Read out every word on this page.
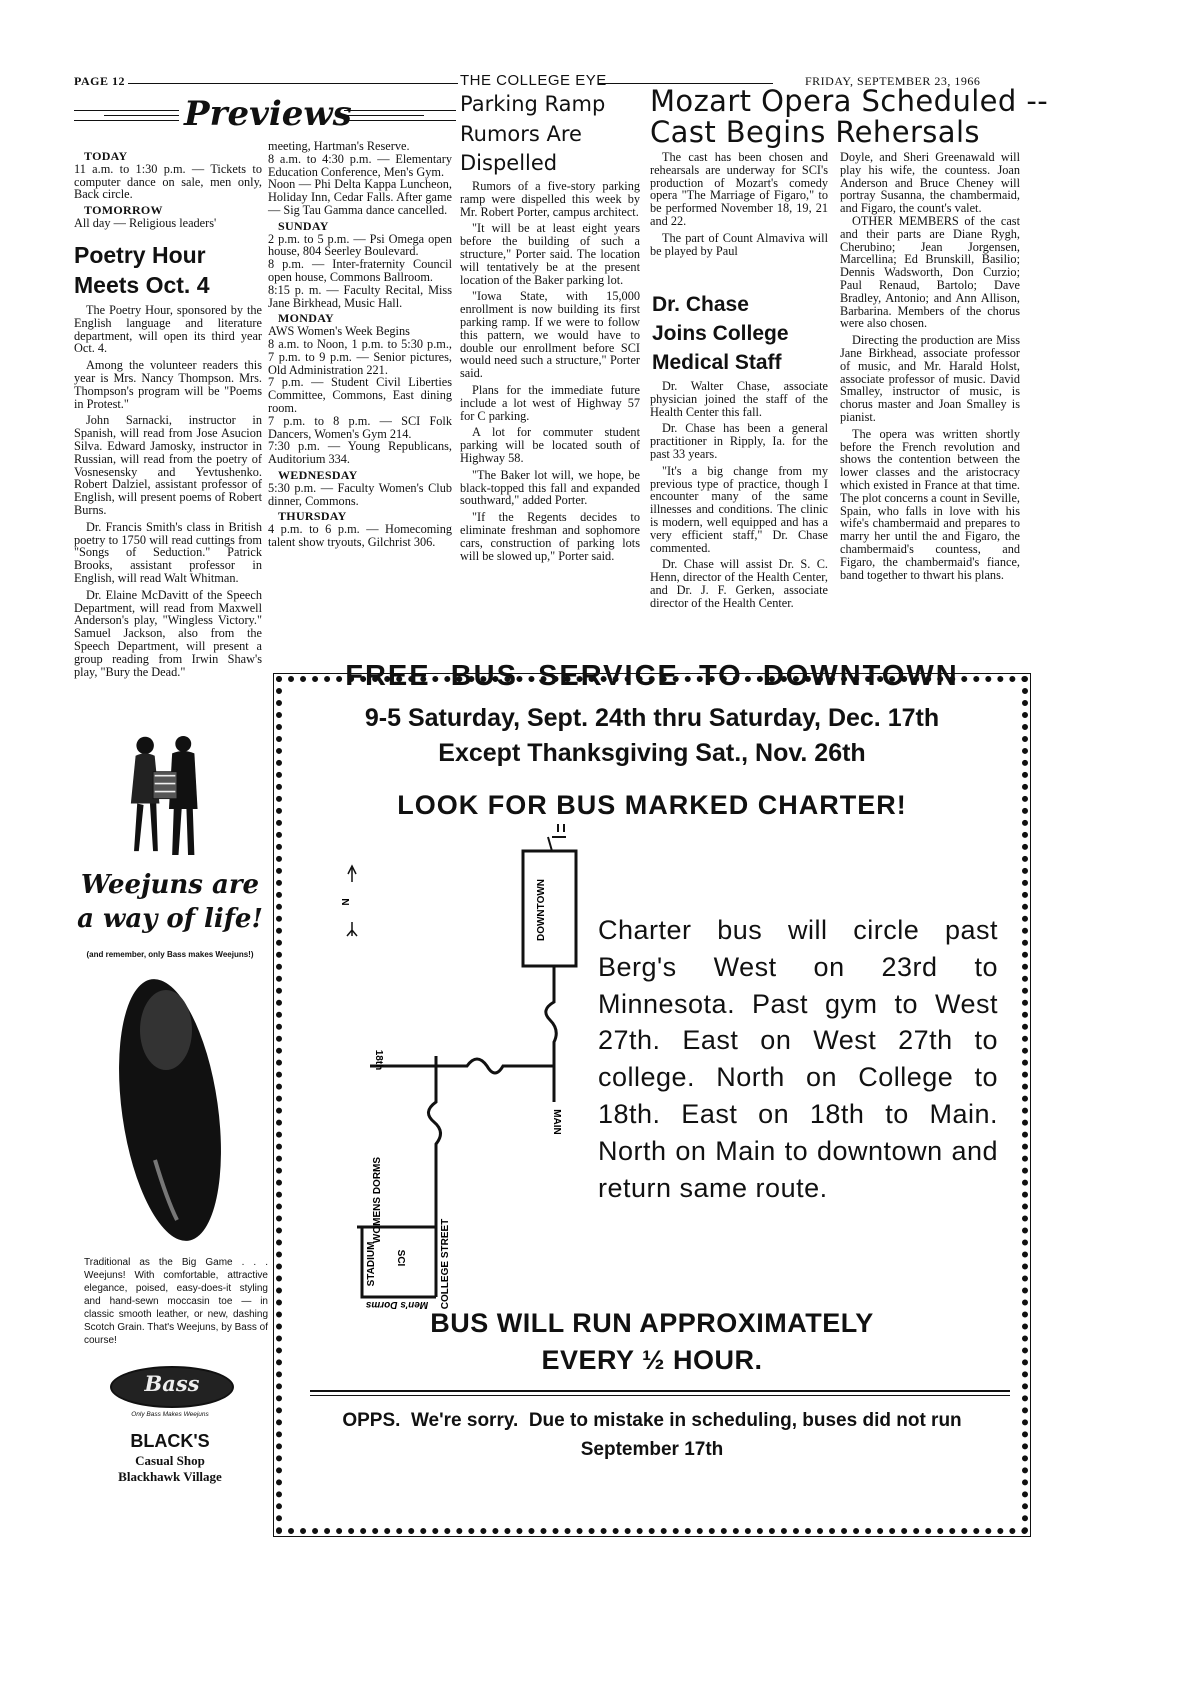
PAGE 12	THE COLLEGE EYE	FRIDAY, SEPTEMBER 23, 1966
Previews

TODAY

11 a.m. to 1:30 p.m. — Tickets to computer dance on sale, men only, Back circle.

TOMORROW

All day — Religious leaders'

Poetry Hour
Meets Oct. 4

The Poetry Hour, sponsored by the English language and literature department, will open its third year Oct. 4.

Among the volunteer readers this year is Mrs. Nancy Thompson. Mrs. Thompson's program will be "Poems in Protest."

John Sarnacki, instructor in Spanish, will read from Jose Asucion Silva. Edward Jamosky, instructor in Russian, will read from the poetry of Vosnesensky and Yevtushenko. Robert Dalziel, assistant professor of English, will present poems of Robert Burns.

Dr. Francis Smith's class in British poetry to 1750 will read cuttings from "Songs of Seduction." Patrick Brooks, assistant professor in English, will read Walt Whitman.

Dr. Elaine McDavitt of the Speech Department, will read from Maxwell Anderson's play, "Wingless Victory." Samuel Jackson, also from the Speech Department, will present a group reading from Irwin Shaw's play, "Bury the Dead."

meeting, Hartman's Reserve.

8 a.m. to 4:30 p.m. — Elementary Education Conference, Men's Gym.

Noon — Phi Delta Kappa Luncheon, Holiday Inn, Cedar Falls. After game — Sig Tau Gamma dance cancelled.

SUNDAY

2 p.m. to 5 p.m. — Psi Omega open house, 804 Seerley Boulevard.

8 p.m. — Inter-fraternity Council open house, Commons Ballroom.

8:15 p. m. — Faculty Recital, Miss Jane Birkhead, Music Hall.

MONDAY

AWS Women's Week Begins

8 a.m. to Noon, 1 p.m. to 5:30 p.m., 7 p.m. to 9 p.m. — Senior pictures, Old Administration 221.

7 p.m. — Student Civil Liberties Committee, Commons, East dining room.

7 p.m. to 8 p.m. — SCI Folk Dancers, Women's Gym 214.

7:30 p.m. — Young Republicans, Auditorium 334.

WEDNESDAY

5:30 p.m. — Faculty Women's Club dinner, Commons.

THURSDAY

4 p.m. to 6 p.m. — Homecoming talent show tryouts, Gilchrist 306.

Parking Ramp
Rumors Are
Dispelled

Rumors of a five-story parking ramp were dispelled this week by Mr. Robert Porter, campus architect.

"It will be at least eight years before the building of such a structure," Porter said. The location will tentatively be at the present location of the Baker parking lot.

"Iowa State, with 15,000 enrollment is now building its first parking ramp. If we were to follow this pattern, we would have to double our enrollment before SCI would need such a structure," Porter said.

Plans for the immediate future include a lot west of Highway 57 for C parking.

A lot for commuter student parking will be located south of Highway 58.

"The Baker lot will, we hope, be black-topped this fall and expanded southward," added Porter.

"If the Regents decides to eliminate freshman and sophomore cars, construction of parking lots will be slowed up," Porter said.

Mozart Opera Scheduled --
Cast Begins Rehersals

The cast has been chosen and rehearsals are underway for SCI's production of Mozart's comedy opera "The Marriage of Figaro," to be performed November 18, 19, 21 and 22.

The part of Count Almaviva will be played by Paul

Dr. Chase
Joins College
Medical Staff

Dr. Walter Chase, associate physician joined the staff of the Health Center this fall.

Dr. Chase has been a general practitioner in Ripply, Ia. for the past 33 years.

"It's a big change from my previous type of practice, though I encounter many of the same illnesses and conditions. The clinic is modern, well equipped and has a very efficient staff," Dr. Chase commented.

Dr. Chase will assist Dr. S. C. Henn, director of the Health Center, and Dr. J. F. Gerken, associate director of the Health Center.

Doyle, and Sheri Greenawald will play his wife, the countess. Joan Anderson and Bruce Cheney will portray Susanna, the chambermaid, and Figaro, the count's valet.

OTHER MEMBERS of the cast and their parts are Diane Rygh, Cherubino; Jean Jorgensen, Marcellina; Ed Brunskill, Basilio; Dennis Wadsworth, Don Curzio; Paul Renaud, Bartolo; Dave Bradley, Antonio; and Ann Allison, Barbarina. Members of the chorus were also chosen.

Directing the production are Miss Jane Birkhead, associate professor of music, and Mr. Harald Holst, associate professor of music. David Smalley, instructor of music, is chorus master and Joan Smalley is pianist.

The opera was written shortly before the French revolution and shows the contention between the lower classes and the aristocracy which existed in France at that time. The plot concerns a count in Seville, Spain, who falls in love with his wife's chambermaid and prepares to marry her until the and Figaro, the chambermaid's countess, and Figaro, the chambermaid's fiance, band together to thwart his plans.

FREE  BUS  SERVICE  TO  DOWNTOWN
9-5 Saturday, Sept. 24th thru Saturday, Dec. 17th
Except Thanksgiving Sat., Nov. 26th
LOOK FOR BUS MARKED CHARTER!
N	DOWNTOWN
MAIN
18th
WOMENS DORMS
STADIUM SCI	COLLEGE STREET
Men's Dorms
Charter bus will circle past Berg's West on 23rd to Minnesota. Past gym to West 27th. East on West 27th to college. North on College to 18th. East on 18th to Main. North on Main to downtown and return same route.
BUS WILL RUN APPROXIMATELY
EVERY ½ HOUR.
OPPS.  We're sorry.  Due to mistake in scheduling, buses did not run
September 17th
Weejuns are
a way of life!
(and remember, only Bass makes Weejuns!)
Traditional as the Big Game . . . Weejuns! With comfortable, attractive elegance, poised, easy-does-it styling and hand-sewn moccasin toe — in classic smooth leather, or new, dashing Scotch Grain. That's Weejuns, by Bass of course!
Bass
Only Bass Makes Weejuns
BLACK'S
Casual Shop
Blackhawk Village
